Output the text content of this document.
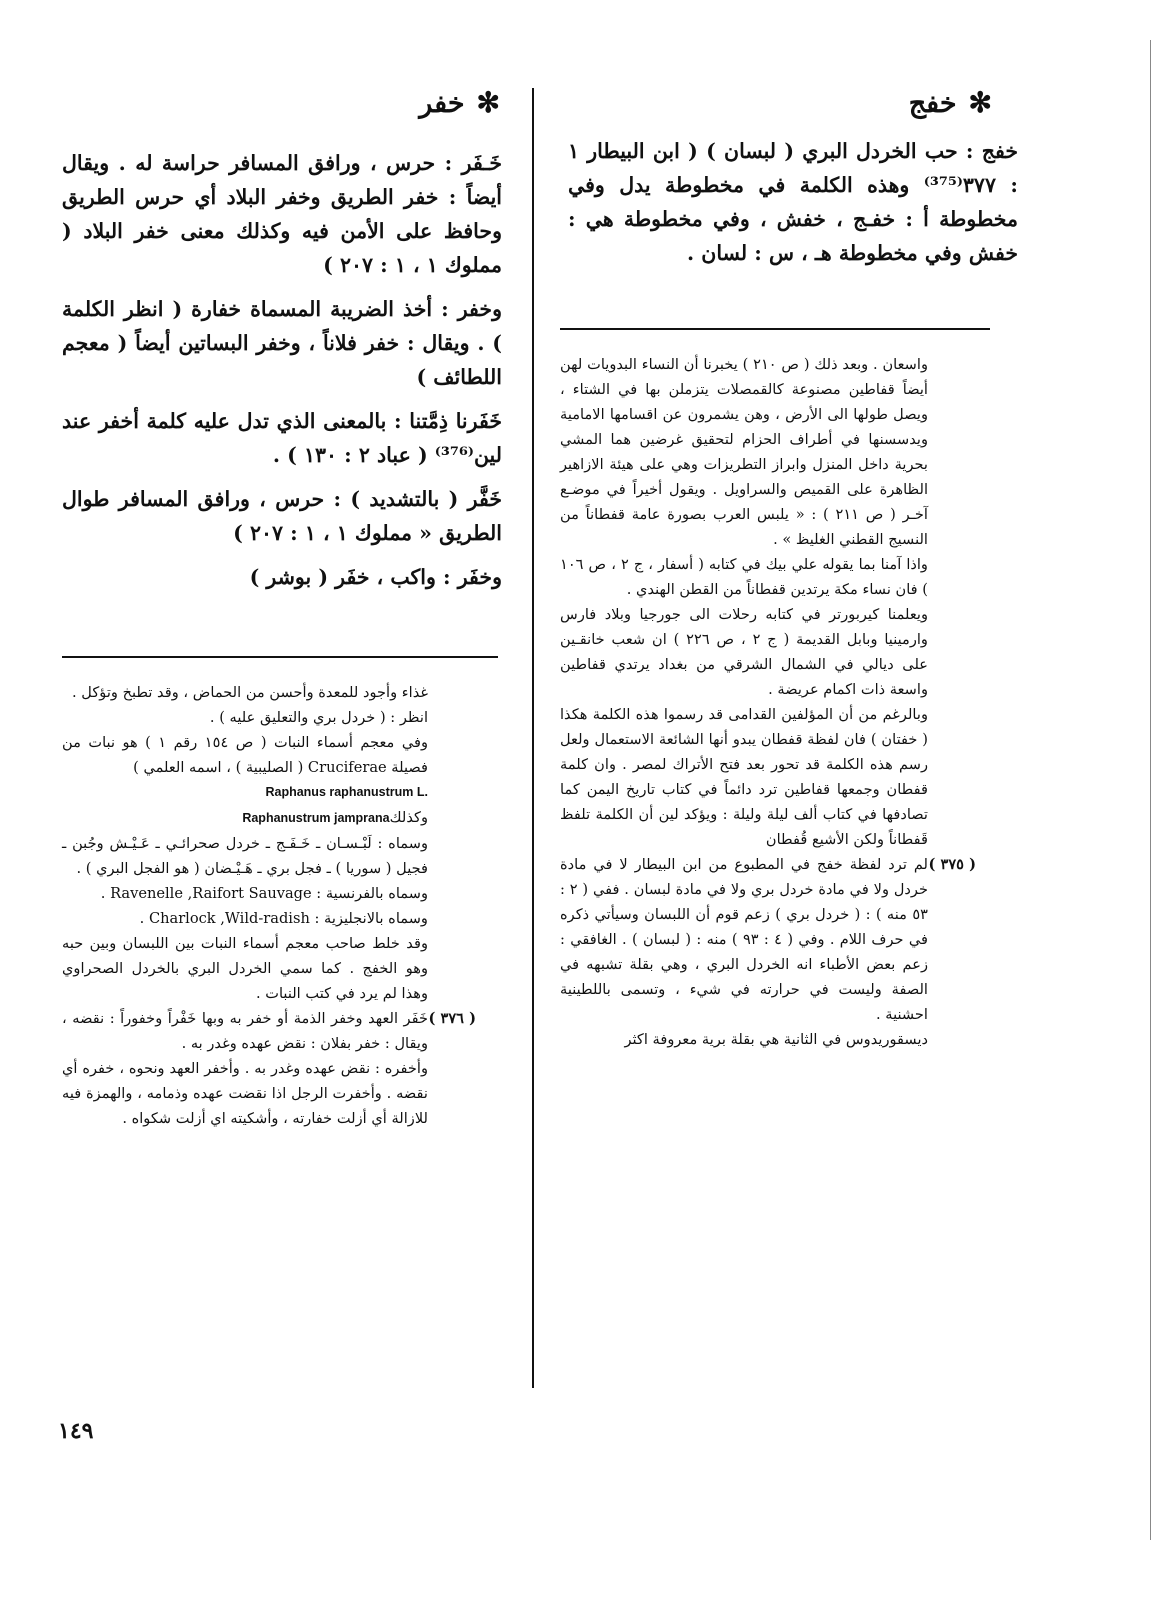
✻خفج

خفج : حب الخردل البري ( لبسان ) ( ابن البيطار ١ : ٣٧٧⁽³⁷⁵⁾ وهذه الكلمة في مخطوطة يدل وفي مخطوطة أ : خفـج ، خفش ، وفي مخطوطة هي : خفش وفي مخطوطة هـ ، س : لسان .

واسعان . وبعد ذلك ( ص ٢١٠ ) يخبرنا أن النساء البدويات لهن أيضاً قفاطين مصنوعة كالقمصلات يتزملن بها في الشتاء ، ويصل طولها الى الأرض ، وهن يشمرون عن اقسامها الامامية ويدسسنها في أطراف الحزام لتحقيق غرضين هما المشي بحرية داخل المنزل وابراز التطريزات وهي على هيئة الازاهير الظاهرة على القميص والسراويل . ويقول أخيراً في موضـع آخـر ( ص ٢١١ ) : « يلبس العرب بصورة عامة قفطاناً من النسيج القطني الغليظ » .

واذا آمنا بما يقوله علي بيك في كتابه ( أسفار ، ج ٢ ، ص ١٠٦ ) فان نساء مكة يرتدين قفطاناً من القطن الهندي .

ويعلمنا كيربورتر في كتابه رحلات الى جورجيا وبلاد فارس وارمينيا وبابل القديمة ( ج ٢ ، ص ٢٢٦ ) ان شعب خانقـين على ديالي في الشمال الشرقي من بغداد يرتدي قفاطين واسعة ذات اكمام عريضة .

وبالرغم من أن المؤلفين القدامى قد رسموا هذه الكلمة هكذا ( خفتان ) فان لفظة قفطان يبدو أنها الشائعة الاستعمال ولعل رسم هذه الكلمة قد تحور بعد فتح الأتراك لمصر . وان كلمة قفطان وجمعها قفاطين ترد دائماً في كتاب تاريخ اليمن كما تصادفها في كتاب ألف ليلة وليلة : ويؤكد لين أن الكلمة تلفظ قَفطاناً ولكن الأشيع قُفطان

( ٣٧٥ )

لم ترد لفظة خفج في المطبوع من ابن البيطار لا في مادة خردل ولا في مادة خردل بري ولا في مادة لبسان . ففي ( ٢ : ٥٣ منه ) : ( خردل بري ) زعم قوم أن اللبسان وسيأتي ذكره في حرف اللام . وفي ( ٤ : ٩٣ ) منه : ( لبسان ) . الغافقي : زعم بعض الأطباء انه الخردل البري ، وهي بقلة تشبهه في الصفة وليست في حرارته في شيء ، وتسمى باللطينية احشنية .

ديسقوريدوس في الثانية هي بقلة برية معروفة اكثر

✻خفر

خَـفَر : حرس ، ورافق المسافر حراسة له . ويقال أيضاً : خفر الطريق وخفر البلاد أي حرس الطريق وحافظ على الأمن فيه وكذلك معنى خفر البلاد ( مملوك ١ ، ١ : ٢٠٧ )

وخفر : أخذ الضريبة المسماة خفارة ( انظر الكلمة ) . ويقال : خفر فلاناً ، وخفر البساتين أيضاً ( معجم اللطائف )

خَفَرنا ذِمَّتنا : بالمعنى الذي تدل عليه كلمة أخفر عند لين⁽³⁷⁶⁾ ( عباد ٢ : ١٣٠ ) .

خَفَّر ( بالتشديد ) : حرس ، ورافق المسافر طوال الطريق « مملوك ١ ، ١ : ٢٠٧ )

وخفَر : واكب ، خفَر ( بوشر )

غذاء وأجود للمعدة وأحسن من الحماض ، وقد تطبخ وتؤكل .

انظر : ( خردل بري والتعليق عليه ) .

وفي معجم أسماء النبات ( ص ١٥٤ رقم ١ ) هو نبات من فصيلة Cruciferae ( الصليبية ) ، اسمه العلمي )

Raphanus raphanustrum L.

وكذلكRaphanustrum jamprana

وسماه : لَبْـسـان ـ خَـفَـج ـ خردل صحرائـي ـ عَـيْـش وجُبن ـ فجيل ( سوريا ) ـ فجل بري ـ هَـيْـضان ( هو الفجل البري ) .

وسماه بالفرنسية : Ravenelle ,Raifort Sauvage .

وسماه بالانجليزية : Charlock ,Wild-radish .

وقد خلط صاحب معجم أسماء النبات بين اللبسان وبين حبه وهو الخفج . كما سمي الخردل البري بالخردل الصحراوي وهذا لم يرد في كتب النبات .

( ٣٧٦ )

خَفَر العهد وخفر الذمة أو خفر به وبها خَفْراً وخفوراً : نقضه ، ويقال : خفر بفلان : نقض عهده وغدر به .

وأخفره : نقض عهده وغدر به . وأخفر العهد ونحوه ، خفره أي نقضه . وأخفرت الرجل اذا نقضت عهده وذمامه ، والهمزة فيه للازالة أي أزلت خفارته ، وأشكيته اي أزلت شكواه .

١٤٩
